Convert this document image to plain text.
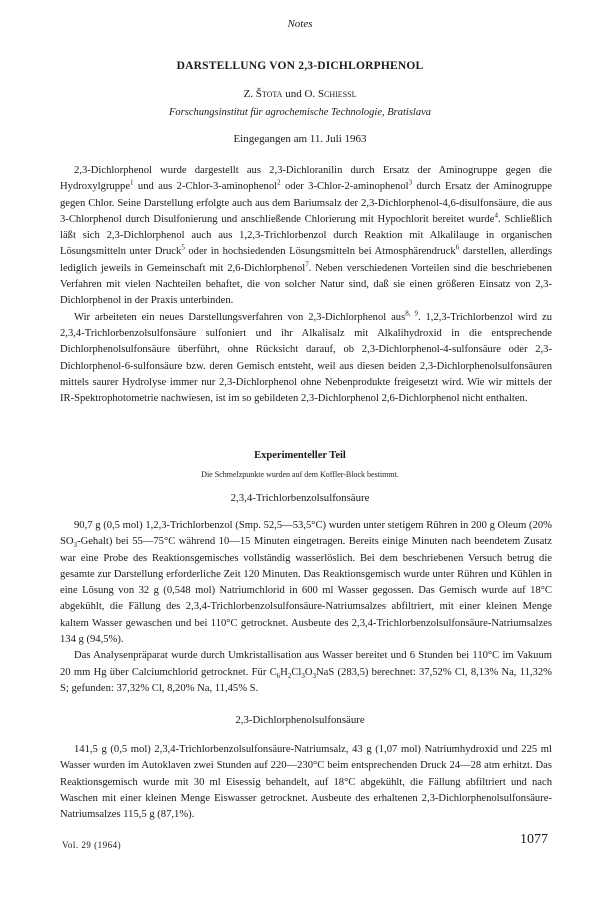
Notes
DARSTELLUNG VON 2,3-DICHLORPHENOL
Z. Štota und O. Schiessl
Forschungsinstitut für agrochemische Technologie, Bratislava
Eingegangen am 11. Juli 1963

2,3-Dichlorphenol wurde dargestellt aus 2,3-Dichloranilin durch Ersatz der Aminogruppe gegen die Hydroxylgruppe$^1$ und aus 2-Chlor-3-aminophenol$^2$ oder 3-Chlor-2-aminophenol$^3$ durch Ersatz der Aminogruppe gegen Chlor. Seine Darstellung erfolgte auch aus dem Bariumsalz der 2,3-Dichlorphenol-4,6-disulfonsäure, die aus 3-Chlorphenol durch Disulfonierung und anschließende Chlorierung mit Hypochlorit bereitet wurde$^4$. Schließlich läßt sich 2,3-Dichlorphenol auch aus 1,2,3-Trichlorbenzol durch Reaktion mit Alkalilauge in organischen Lösungsmitteln unter Druck$^5$ oder in hochsiedenden Lösungsmitteln bei Atmosphärendruck$^6$ darstellen, allerdings lediglich jeweils in Gemeinschaft mit 2,6-Dichlorphenol$^7$. Neben verschiedenen Vorteilen sind die beschriebenen Verfahren mit vielen Nachteilen behaftet, die von solcher Natur sind, daß sie einen größeren Einsatz von 2,3-Dichlorphenol in der Praxis unterbinden.

Wir arbeiteten ein neues Darstellungsverfahren von 2,3-Dichlorphenol aus$^{8, 9}$. 1,2,3-Trichlorbenzol wird zu 2,3,4-Trichlorbenzolsulfonsäure sulfoniert und ihr Alkalisalz mit Alkalihydroxid in die entsprechende Dichlorphenolsulfonsäure überführt, ohne Rücksicht darauf, ob 2,3-Dichlorphenol-4-sulfonsäure oder 2,3-Dichlorphenol-6-sulfonsäure bzw. deren Gemisch entsteht, weil aus diesen beiden 2,3-Dichlorphenolsulfonsäuren mittels saurer Hydrolyse immer nur 2,3-Dichlorphenol ohne Nebenprodukte freigesetzt wird. Wie wir mittels der IR-Spektrophotometrie nachwiesen, ist im so gebildeten 2,3-Dichlorphenol 2,6-Dichlorphenol nicht enthalten.

Experimenteller Teil
Die Schmelzpunkte wurden auf dem Koffler-Block bestimmt.
2,3,4-Trichlorbenzolsulfonsäure

90,7 g (0,5 mol) 1,2,3-Trichlorbenzol (Smp. 52,5—53,5°C) wurden unter stetigem Rühren in 200 g Oleum (20% $SO_3-Gehalt$) bei 55—75°C während 10—15 Minuten eingetragen. Bereits einige Minuten nach beendetem Zusatz war eine Probe des Reaktionsgemisches vollständig wasserlöslich. Bei dem beschriebenen Versuch betrug die gesamte zur Darstellung erforderliche Zeit 120 Minuten. Das Reaktionsgemisch wurde unter Rühren und Kühlen in eine Lösung von 32 g (0,548 mol) Natriumchlorid in 600 ml Wasser gegossen. Das Gemisch wurde auf 18°C abgekühlt, die Fällung des 2,3,4-Trichlorbenzolsulfonsäure-Natriumsalzes abfiltriert, mit einer kleinen Menge kaltem Wasser gewaschen und bei 110°C getrocknet. Ausbeute des 2,3,4-Trichlorbenzolsulfonsäure-Natriumsalzes 134 g (94,5%).

Das Analysenpräparat wurde durch Umkristallisation aus Wasser bereitet und 6 Stunden bei 110°C im Vakuum 20 mm Hg über Calciumchlorid getrocknet. Für $C_6H_2Cl_3O_3NaS$ (283,5) berechnet: 37,52% Cl, 8,13% Na, 11,32% S; gefunden: 37,32% Cl, 8,20% Na, 11,45% S.

2,3-Dichlorphenolsulfonsäure

141,5 g (0,5 mol) 2,3,4-Trichlorbenzolsulfonsäure-Natriumsalz, 43 g (1,07 mol) Natriumhydroxid und 225 ml Wasser wurden im Autoklaven zwei Stunden auf 220—230°C beim entsprechenden Druck 24—28 atm erhitzt. Das Reaktionsgemisch wurde mit 30 ml Eisessig behandelt, auf 18°C abgekühlt, die Fällung abfiltriert und nach Waschen mit einer kleinen Menge Eiswasser getrocknet. Ausbeute des erhaltenen 2,3-Dichlorphenolsulfonsäure-Natriumsalzes 115,5 g (87,1%).

Vol. 29 (1964)	1077
